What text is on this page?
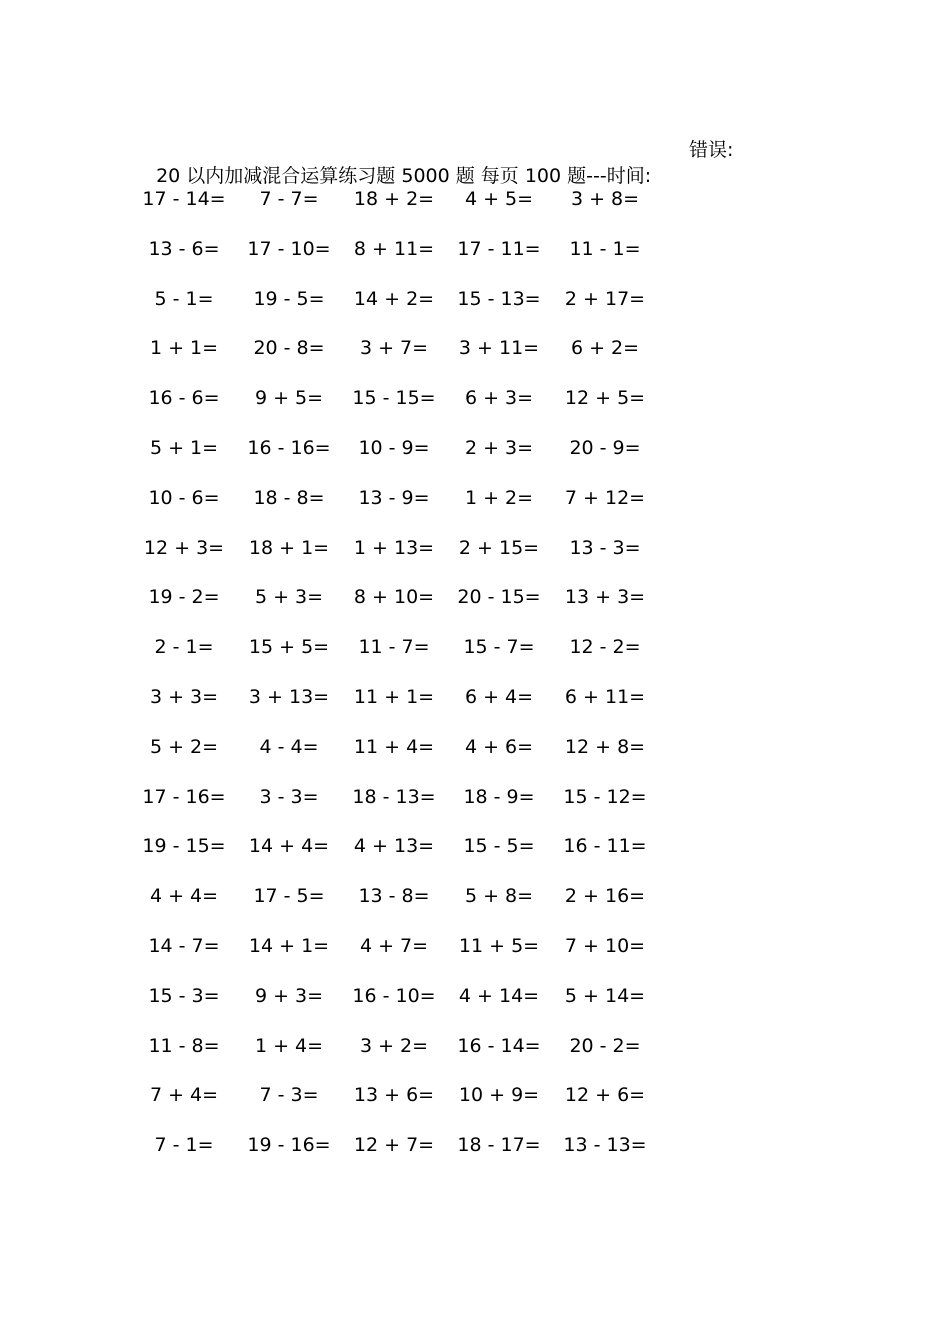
20 以内加减混合运算练习题 5000 题 每页 100 题---时间:

错误:

17 - 14= 7 - 7= 18 + 2= 4 + 5= 3 + 8=
13 - 6= 17 - 10= 8 + 11= 17 - 11= 11 - 1=
5 - 1= 19 - 5= 14 + 2= 15 - 13= 2 + 17=
1 + 1= 20 - 8= 3 + 7= 3 + 11= 6 + 2=
16 - 6= 9 + 5= 15 - 15= 6 + 3= 12 + 5=
5 + 1= 16 - 16= 10 - 9= 2 + 3= 20 - 9=
10 - 6= 18 - 8= 13 - 9= 1 + 2= 7 + 12=
12 + 3= 18 + 1= 1 + 13= 2 + 15= 13 - 3=
19 - 2= 5 + 3= 8 + 10= 20 - 15= 13 + 3=
2 - 1= 15 + 5= 11 - 7= 15 - 7= 12 - 2=
3 + 3= 3 + 13= 11 + 1= 6 + 4= 6 + 11=
5 + 2= 4 - 4= 11 + 4= 4 + 6= 12 + 8=
17 - 16= 3 - 3= 18 - 13= 18 - 9= 15 - 12=
19 - 15= 14 + 4= 4 + 13= 15 - 5= 16 - 11=
4 + 4= 17 - 5= 13 - 8= 5 + 8= 2 + 16=
14 - 7= 14 + 1= 4 + 7= 11 + 5= 7 + 10=
15 - 3= 9 + 3= 16 - 10= 4 + 14= 5 + 14=
11 - 8= 1 + 4= 3 + 2= 16 - 14= 20 - 2=
7 + 4= 7 - 3= 13 + 6= 10 + 9= 12 + 6=
7 - 1= 19 - 16= 12 + 7= 18 - 17= 13 - 13=
